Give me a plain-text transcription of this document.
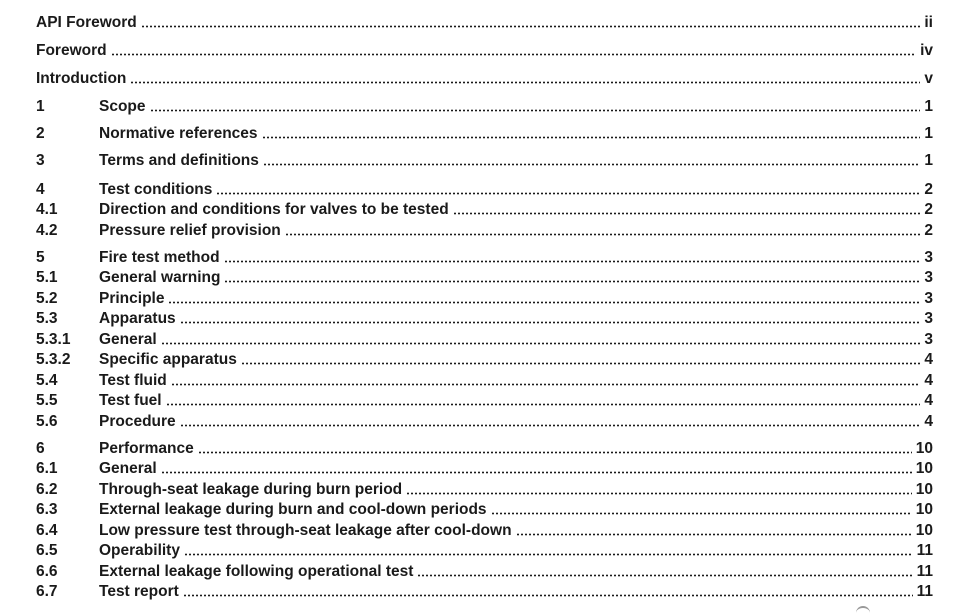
API Foreword	ii
Foreword	iv
Introduction	v
1	Scope	1
2	Normative references	1
3	Terms and definitions	1
4	Test conditions	2
4.1	Direction and conditions for valves to be tested	2
4.2	Pressure relief provision	2
5	Fire test method	3
5.1	General warning	3
5.2	Principle	3
5.3	Apparatus	3
5.3.1	General	3
5.3.2	Specific apparatus	4
5.4	Test fluid	4
5.5	Test fuel	4
5.6	Procedure	4
6	Performance	10
6.1	General	10
6.2	Through-seat leakage during burn period	10
6.3	External leakage during burn and cool-down periods	10
6.4	Low pressure test through-seat leakage after cool-down	10
6.5	Operability	11
6.6	External leakage following operational test	11
6.7	Test report	11
